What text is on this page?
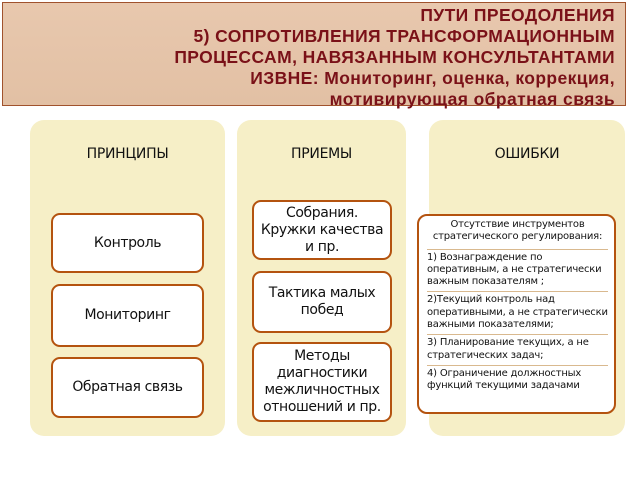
ПУТИ ПРЕОДОЛЕНИЯ
5) СОПРОТИВЛЕНИЯ ТРАНСФОРМАЦИОННЫМ
ПРОЦЕССАМ, НАВЯЗАННЫМ КОНСУЛЬТАНТАМИ
ИЗВНЕ: Мониторинг, оценка, коррекция,
мотивирующая обратная связь
ПРИНЦИПЫ
Контроль
Мониторинг
Обратная связь
ПРИЕМЫ
Собрания. Кружки качества и пр.
Тактика малых побед
Методы диагностики межличностных отношений и пр.
ОШИБКИ
Отсутствие инструментов стратегического регулирования:
1) Вознаграждение по оперативным, а не стратегически важным показателям ;
2)Текущий контроль над оперативными, а не стратегически важными показателями;
3) Планирование текущих, а не стратегических задач;
4) Ограничение должностных функций текущими задачами
